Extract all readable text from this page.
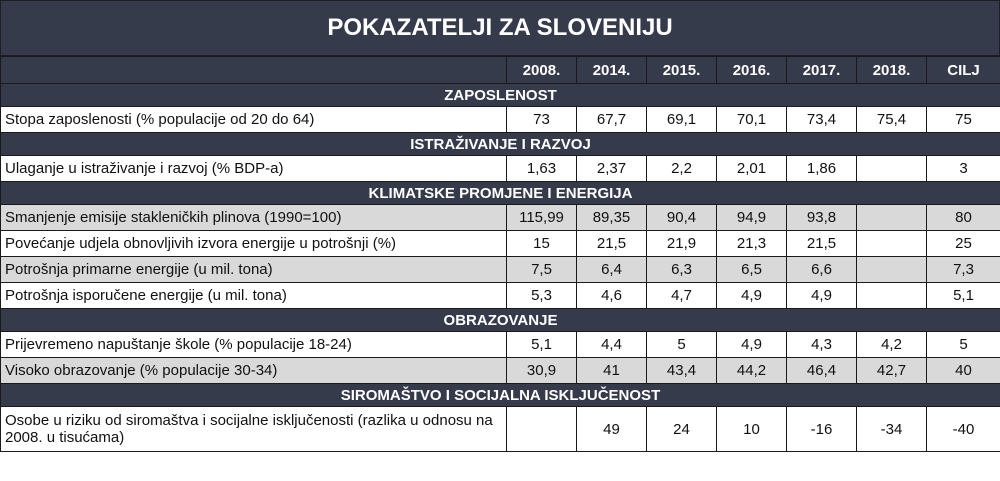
POKAZATELJI ZA SLOVENIJU
	2008.	2014.	2015.	2016.	2017.	2018.	CILJ
ZAPOSLENOST							
Stopa zaposlenosti (% populacije od 20 do 64)	73	67,7	69,1	70,1	73,4	75,4	75
ISTRAŽIVANJE I RAZVOJ							
Ulaganje u istraživanje i razvoj (% BDP-a)	1,63	2,37	2,2	2,01	1,86		3
KLIMATSKE PROMJENE I ENERGIJA							
Smanjenje emisije stakleničkih plinova (1990=100)	115,99	89,35	90,4	94,9	93,8		80
Povećanje udjela obnovljivih izvora energije u potrošnji (%)	15	21,5	21,9	21,3	21,5		25
Potrošnja primarne energije (u mil. tona)	7,5	6,4	6,3	6,5	6,6		7,3
Potrošnja isporučene energije (u mil. tona)	5,3	4,6	4,7	4,9	4,9		5,1
OBRAZOVANJE							
Prijevremeno napuštanje škole (% populacije 18-24)	5,1	4,4	5	4,9	4,3	4,2	5
Visoko obrazovanje (% populacije 30-34)	30,9	41	43,4	44,2	46,4	42,7	40
SIROMAŠTVO I SOCIJALNA ISKLJUČENOST							
Osobe u riziku od siromaštva i socijalne isključenosti (razlika u odnosu na 2008. u tisućama)		49	24	10	-16	-34	-40
